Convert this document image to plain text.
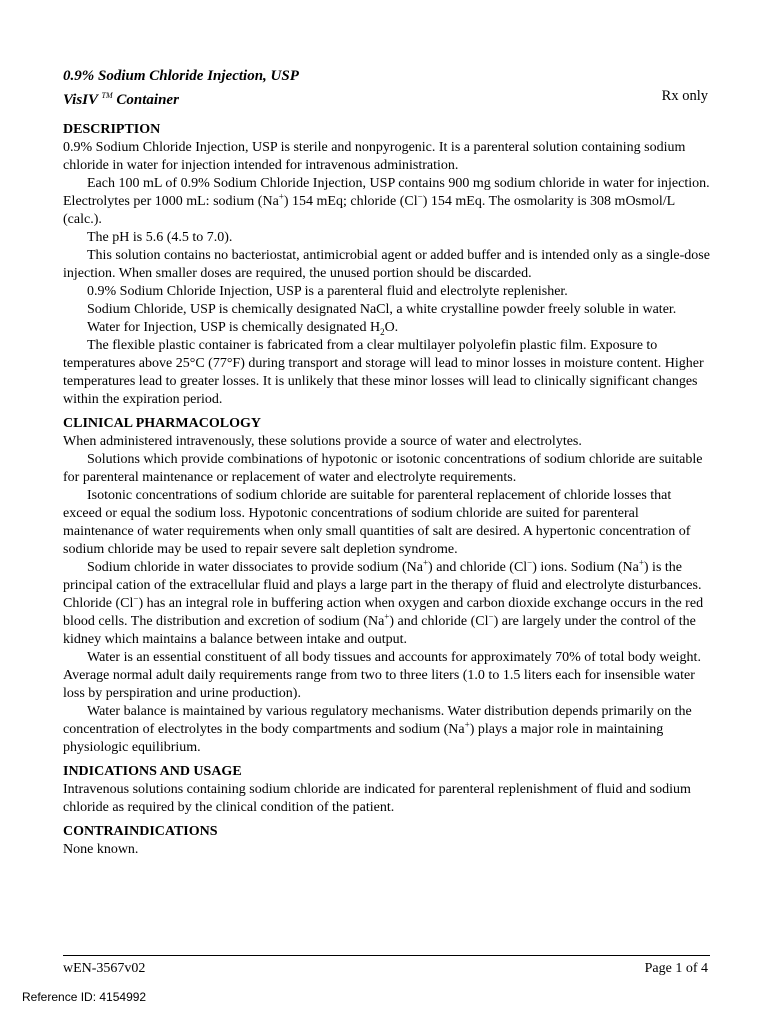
0.9% Sodium Chloride Injection, USP
VisIV ™ Container	Rx only
DESCRIPTION

0.9% Sodium Chloride Injection, USP is sterile and nonpyrogenic. It is a parenteral solution containing sodium chloride in water for injection intended for intravenous administration.

Each 100 mL of 0.9% Sodium Chloride Injection, USP contains 900 mg sodium chloride in water for injection. Electrolytes per 1000 mL: sodium (Na+) 154 mEq; chloride (Cl−) 154 mEq. The osmolarity is 308 mOsmol/L (calc.).

The pH is 5.6 (4.5 to 7.0).

This solution contains no bacteriostat, antimicrobial agent or added buffer and is intended only as a single-dose injection. When smaller doses are required, the unused portion should be discarded.

0.9% Sodium Chloride Injection, USP is a parenteral fluid and electrolyte replenisher.

Sodium Chloride, USP is chemically designated NaCl, a white crystalline powder freely soluble in water.

Water for Injection, USP is chemically designated $H_2O$.

The flexible plastic container is fabricated from a clear multilayer polyolefin plastic film. Exposure to temperatures above 25°C (77°F) during transport and storage will lead to minor losses in moisture content. Higher temperatures lead to greater losses. It is unlikely that these minor losses will lead to clinically significant changes within the expiration period.

CLINICAL PHARMACOLOGY

When administered intravenously, these solutions provide a source of water and electrolytes.

Solutions which provide combinations of hypotonic or isotonic concentrations of sodium chloride are suitable for parenteral maintenance or replacement of water and electrolyte requirements.

Isotonic concentrations of sodium chloride are suitable for parenteral replacement of chloride losses that exceed or equal the sodium loss. Hypotonic concentrations of sodium chloride are suited for parenteral maintenance of water requirements when only small quantities of salt are desired. A hypertonic concentration of sodium chloride may be used to repair severe salt depletion syndrome.

Sodium chloride in water dissociates to provide sodium (Na+) and chloride (Cl−) ions. Sodium (Na+) is the principal cation of the extracellular fluid and plays a large part in the therapy of fluid and electrolyte disturbances. Chloride (Cl−) has an integral role in buffering action when oxygen and carbon dioxide exchange occurs in the red blood cells. The distribution and excretion of sodium (Na+) and chloride (Cl−) are largely under the control of the kidney which maintains a balance between intake and output.

Water is an essential constituent of all body tissues and accounts for approximately 70% of total body weight. Average normal adult daily requirements range from two to three liters (1.0 to 1.5 liters each for insensible water loss by perspiration and urine production).

Water balance is maintained by various regulatory mechanisms. Water distribution depends primarily on the concentration of electrolytes in the body compartments and sodium (Na+) plays a major role in maintaining physiologic equilibrium.

INDICATIONS AND USAGE

Intravenous solutions containing sodium chloride are indicated for parenteral replenishment of fluid and sodium chloride as required by the clinical condition of the patient.

CONTRAINDICATIONS

None known.

wEN-3567v02	Page 1 of 4
Reference ID: 4154992
